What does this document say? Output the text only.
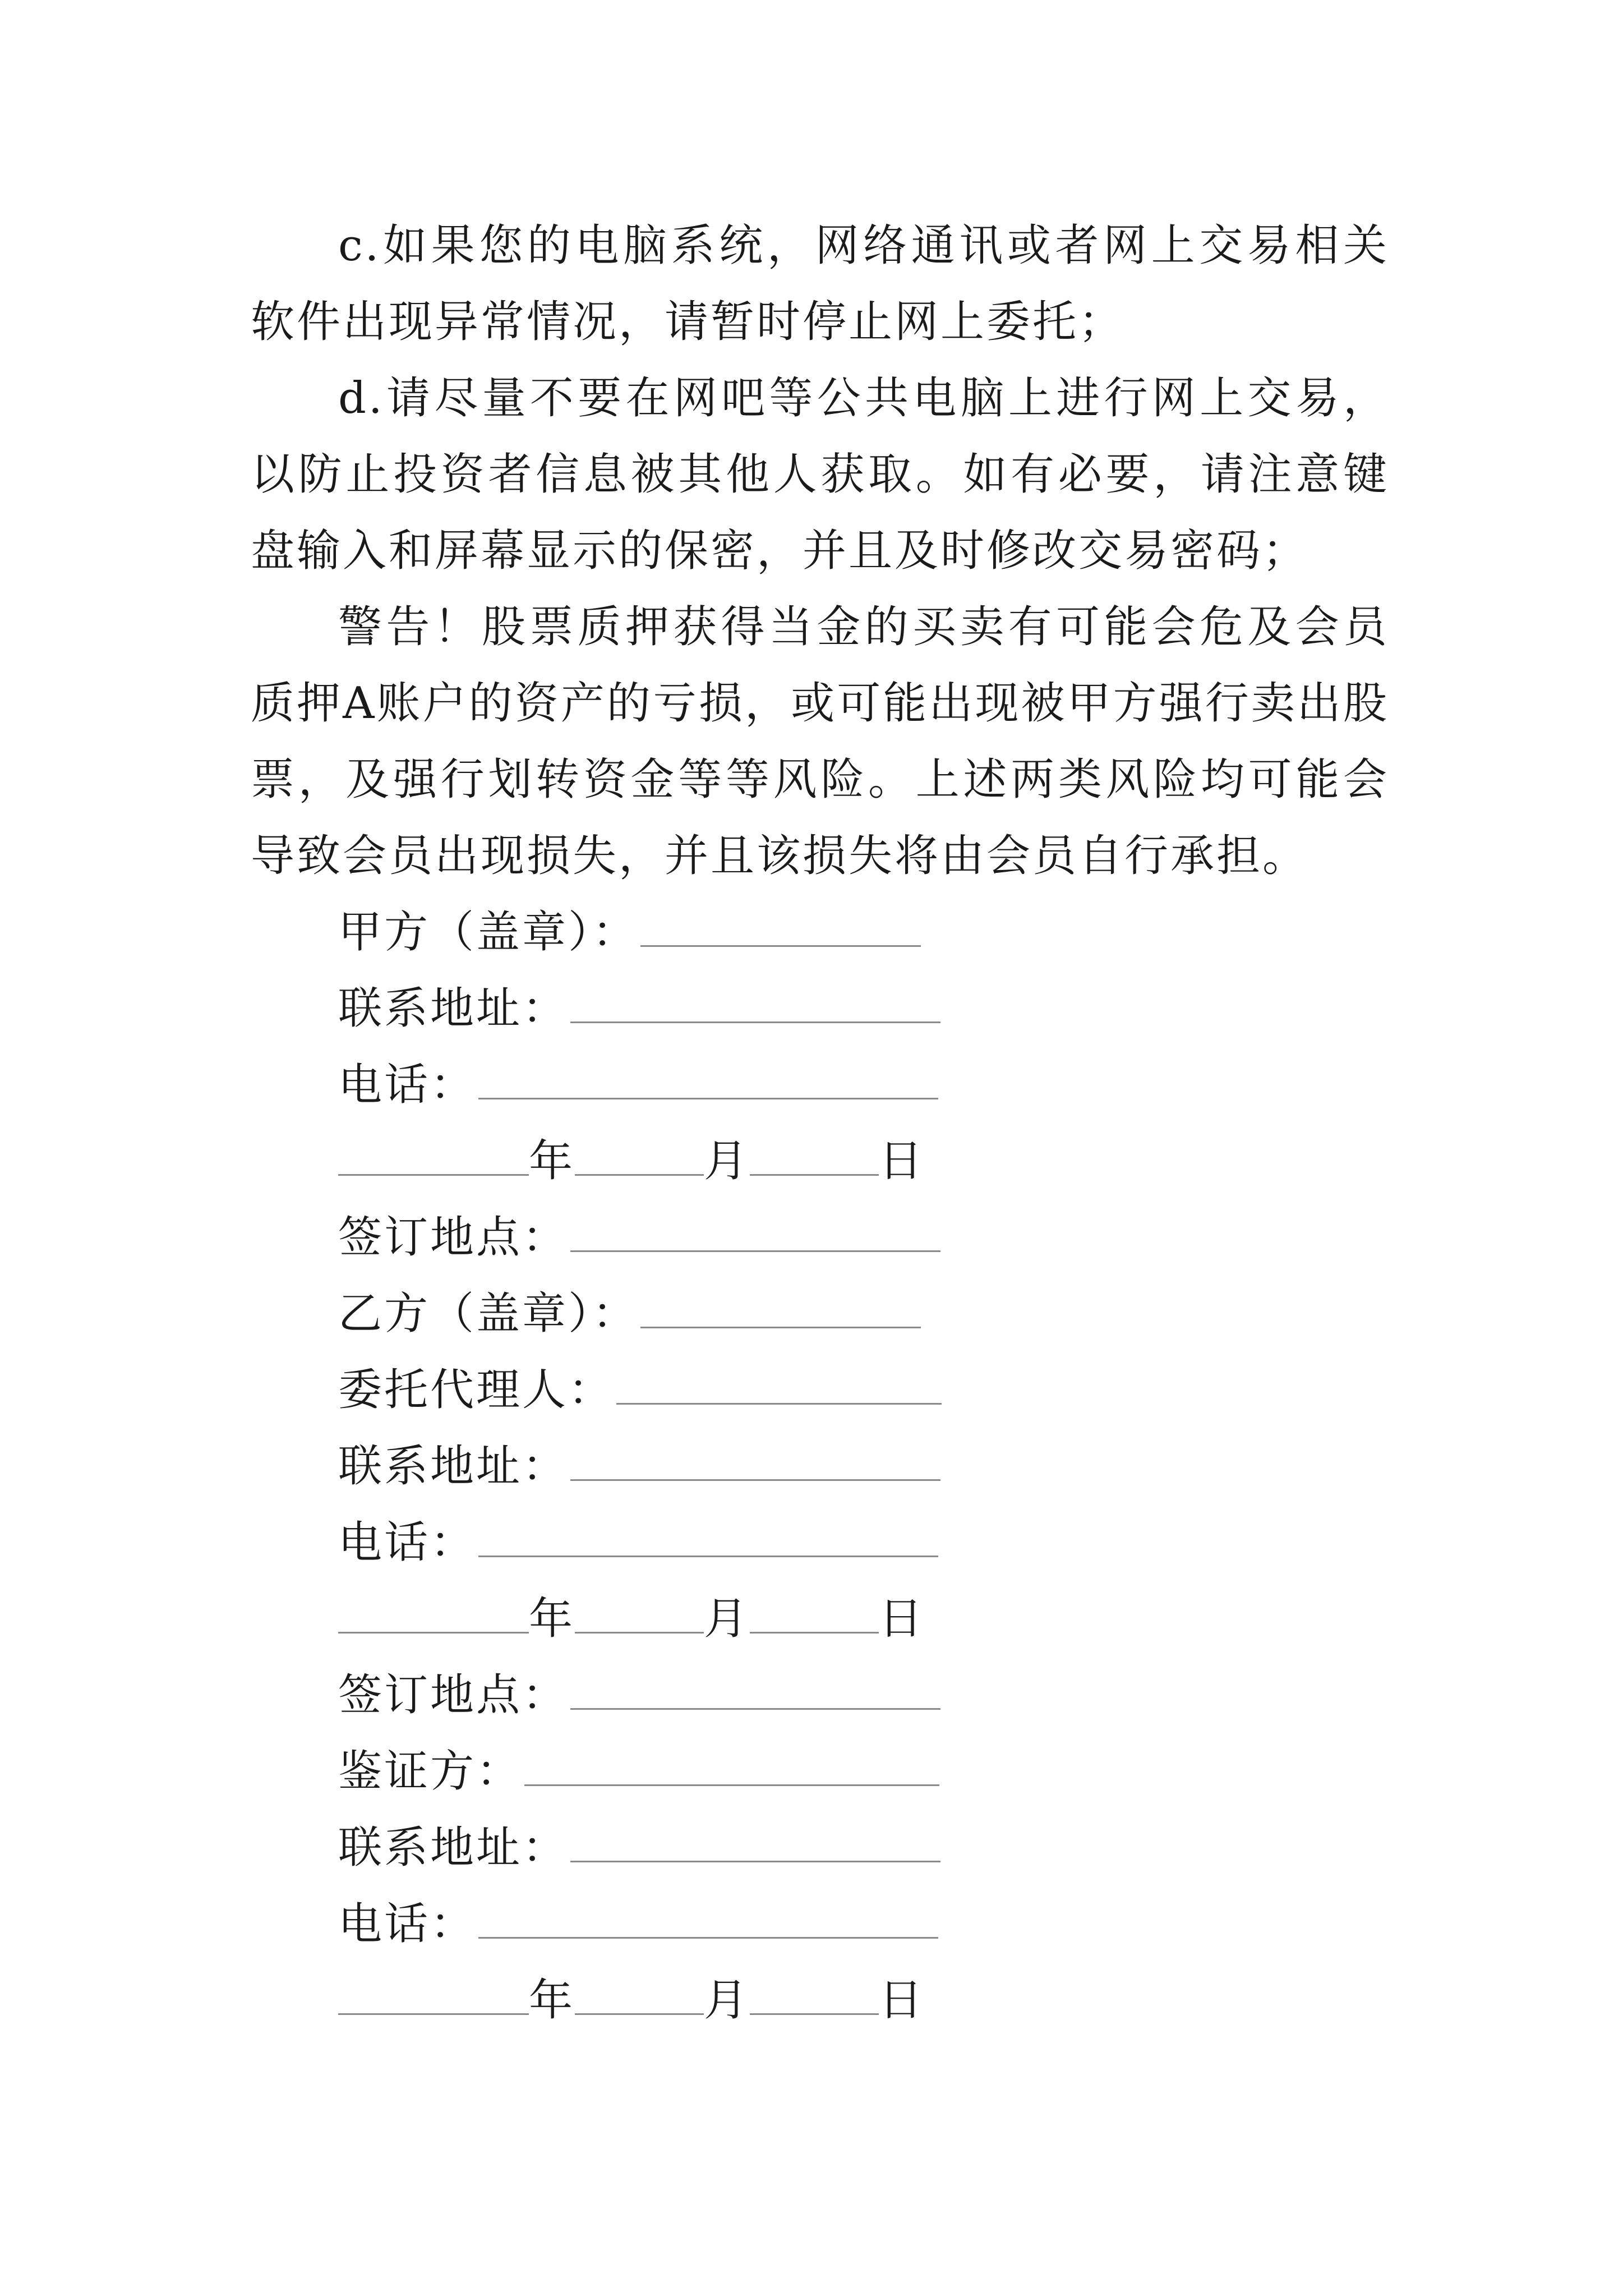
c.如果您的电脑系统，网络通讯或者网上交易相关软件出现异常情况，请暂时停止网上委托；

d.请尽量不要在网吧等公共电脑上进行网上交易，以防止投资者信息被其他人获取。如有必要，请注意键盘输入和屏幕显示的保密，并且及时修改交易密码；

警告！股票质押获得当金的买卖有可能会危及会员质押A账户的资产的亏损，或可能出现被甲方强行卖出股票，及强行划转资金等等风险。上述两类风险均可能会导致会员出现损失，并且该损失将由会员自行承担。

甲方（盖章）：
联系地址：
电话：
年	月	日
签订地点：
乙方（盖章）：
委托代理人：
联系地址：
电话：
年	月	日
签订地点：
鉴证方：
联系地址：
电话：
年	月	日
